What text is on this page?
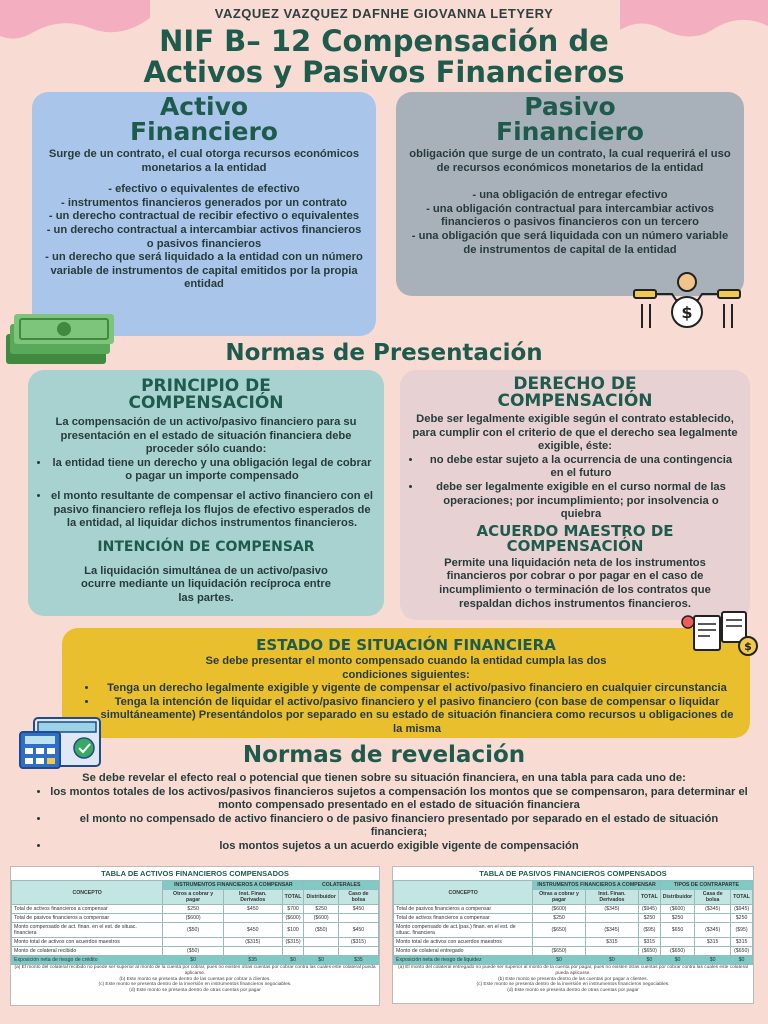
VAZQUEZ VAZQUEZ DAFNHE GIOVANNA LETYERY
NIF B– 12 Compensación de
Activos y Pasivos Financieros
Activo
Financiero
Surge de un contrato, el cual otorga recursos económicos monetarios a la entidad
- efectivo o equivalentes de efectivo
- instrumentos financieros generados por un contrato
- un derecho contractual de recibir efectivo o equivalentes
- un derecho contractual a intercambiar activos financieros o pasivos financieros
- un derecho que será liquidado a la entidad con un número variable de instrumentos de capital emitidos por la propia entidad
Pasivo
Financiero
obligación que surge de un contrato, la cual requerirá el uso de recursos económicos monetarios de la entidad
- una obligación de entregar efectivo
- una obligación contractual para intercambiar activos financieros o pasivos financieros con un tercero
- una obligación que será liquidada con un número variable de instrumentos de capital de la entidad
$
Normas de Presentación
PRINCIPIO DE COMPENSACIÓN
La compensación de un activo/pasivo financiero para su presentación en el estado de situación financiera debe proceder sólo cuando:
• la entidad tiene un derecho y una obligación legal de cobrar o pagar un importe compensado
• el monto resultante de compensar el activo financiero con el pasivo financiero refleja los flujos de efectivo esperados de la entidad, al liquidar dichos instrumentos financieros.
INTENCIÓN DE COMPENSAR
La liquidación simultánea de un activo/pasivo ocurre mediante un liquidación recíproca entre las partes.
DERECHO DE COMPENSACIÓN
Debe ser legalmente exigible según el contrato establecido, para cumplir con el criterio de que el derecho sea legalmente exigible, éste:
• no debe estar sujeto a la ocurrencia de una contingencia en el futuro
• debe ser legalmente exigible en el curso normal de las operaciones; por incumplimiento; por insolvencia o quiebra
ACUERDO MAESTRO DE COMPENSACIÓN
Permite una liquidación neta de los instrumentos financieros por cobrar o por pagar en el caso de incumplimiento o terminación de los contratos que respaldan dichos instrumentos financieros.
ESTADO DE SITUACIÓN FINANCIERA
Se debe presentar el monto compensado cuando la entidad cumpla las dos condiciones siguientes:
• Tenga un derecho legalmente exigible y vigente de compensar el activo/pasivo financiero en cualquier circunstancia
• Tenga la intención de liquidar el activo/pasivo financiero y el pasivo financiero (con base de compensar o liquidar simultáneamente) Presentándolos por separado en su estado de situación financiera como recursos u obligaciones de la misma
$
Normas de revelación
Se debe revelar el efecto real o potencial que tienen sobre su situación financiera, en una tabla para cada uno de:
• los montos totales de los activos/pasivos financieros sujetos a compensación los montos que se compensaron, para determinar el monto compensado presentado en el estado de situación financiera
• el monto no compensado de activo financiero o de pasivo financiero presentado por separado en el estado de situación financiera;
• los montos sujetos a un acuerdo exigible vigente de compensación
TABLA DE ACTIVOS FINANCIEROS COMPENSADOS
CONCEPTO	INSTRUMENTOS FINANCIEROS A COMPENSAR			COLATERALES	
	Otros a cobrar y pagar	Inst. Finan. Derivados	TOTAL	Distribuidor	Caso de bolsa
Total de activos financieros a compensar	$250	$450	$700	$250	$450
Total de pasivos financieros a compensar	($600)		($600)	($600)	
Monto compensado de act. finan. en el est. de situac. financiera	($50)	$450	$100	($50)	$450
Monto total de activos con acuerdos maestros		($315)	($315)		($315)
Monto de colateral recibido	($50)				
Exposición neta de riesgo de crédito	$0	$35	$0	$0	$35
(a) El monto del colateral recibido no puede ser superior al monto de la cuenta por cobrar, pues no existen otras cuentas por cobrar contra las cuales este colateral pueda aplicarse.
(b) Este monto se presenta dentro de las cuentas por cobrar a clientes.
(c) Este monto se presenta dentro de la inversión en instrumentos financieros negociables.
(d) Este monto se presenta dentro de otras cuentas por pagar
TABLA DE PASIVOS FINANCIEROS COMPENSADOS
CONCEPTO	INSTRUMENTOS FINANCIEROS A COMPENSAR			TIPOS DE CONTRAPARTE		
	Otras a cobrar y pagar	Inst. Finan. Derivados	TOTAL	Distribuidor	Casa de bolsa	TOTAL
Total de pasivos financieros a compensar	($600)	($345)	($945)	($600)	($345)	($945)
Total de activos financieros a compensar	$250		$250	$250		$250
Monto compensado de act.(pas.) finan. en el est. de situac. financiera	($650)	($345)	($95)	$650	($345)	($95)
Monto total de activos con acuerdos maestros		$315	$315		$315	$315
Monto de colateral entregado	($650)		($650)	($650)		($650)
Exposición neta de riesgo de liquidez	$0	$0	$0	$0	$0	$0
(a) El monto del colateral entregado no puede ser superior al monto de la cuenta por pagar, pues no existen otras cuentas por cobrar contra las cuales este colateral pueda aplicarse.
(b) Este monto se presenta dentro de las cuentas por pagar a clientes.
(c) Este monto se presenta dentro de la inversión en instrumentos financieros negociables.
(d) Este monto se presenta dentro de otras cuentas por pagar
